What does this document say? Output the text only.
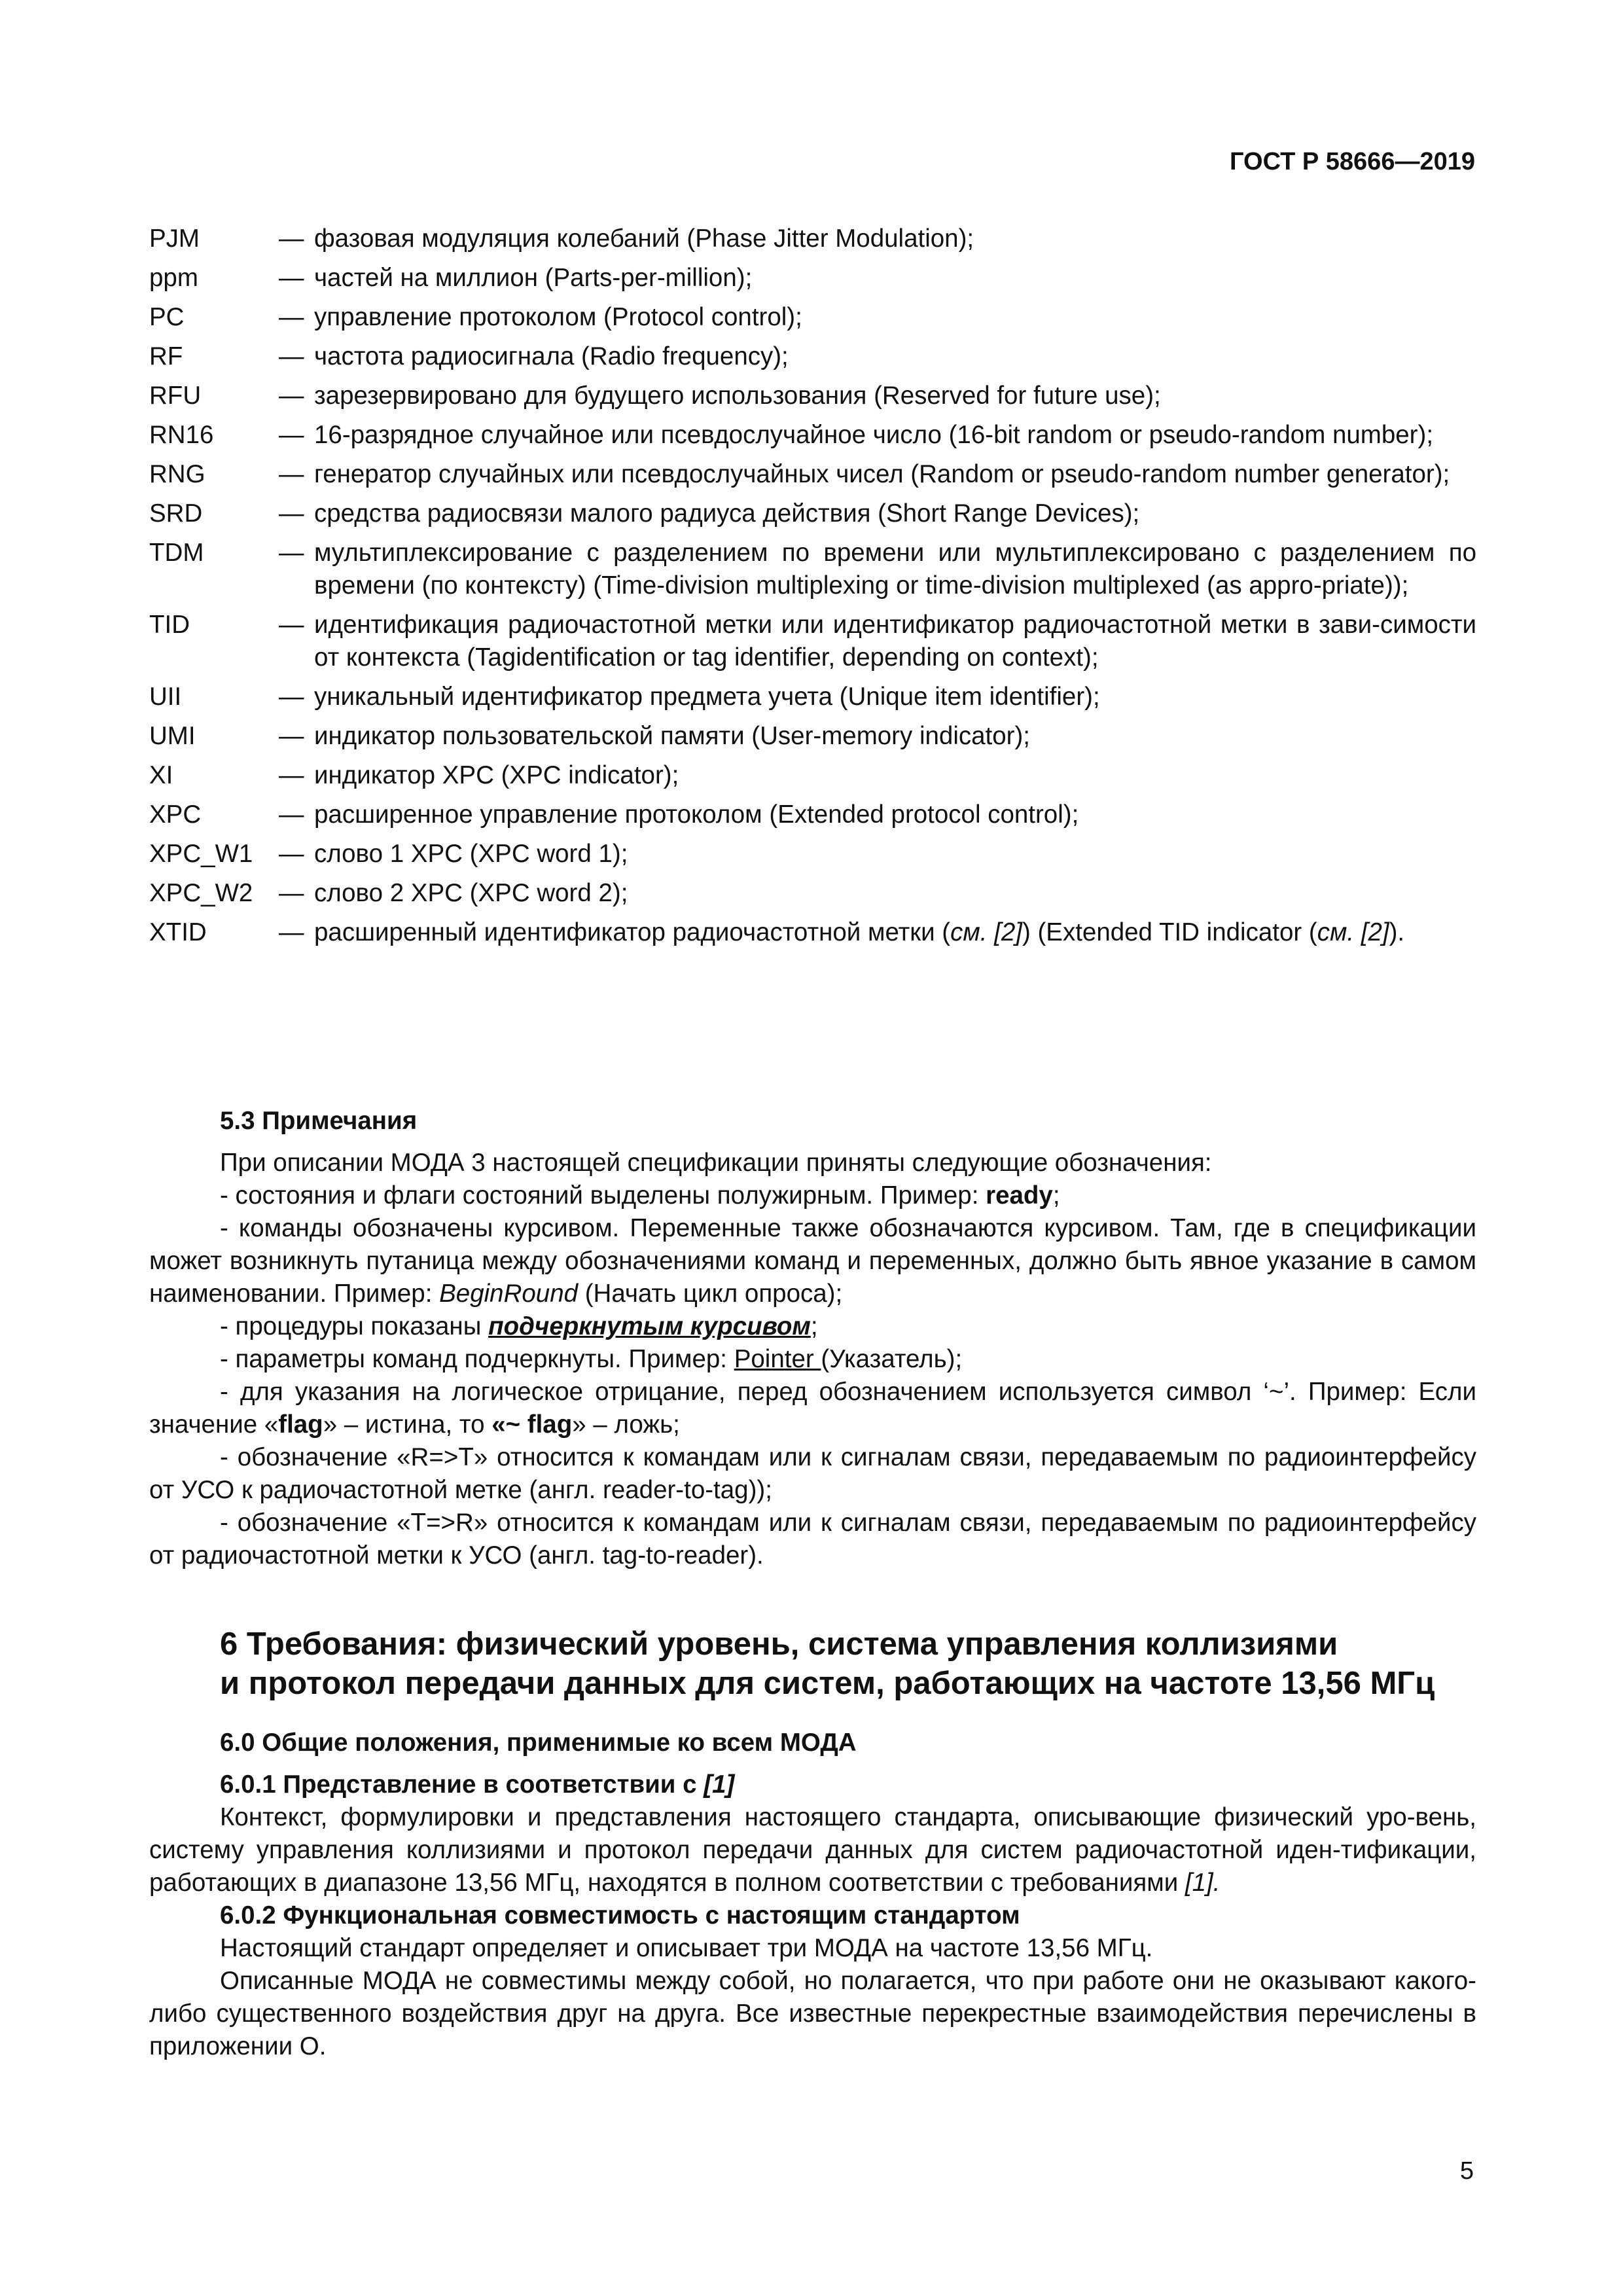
ГОСТ Р 58666—2019
PJM	— фазовая модуляция колебаний (Phase Jitter Modulation);
ppm	— частей на миллион (Parts-per-million);
PC	— управление протоколом (Protocol control);
RF	— частота радиосигнала (Radio frequency);
RFU	— зарезервировано для будущего использования (Reserved for future use);
RN16	— 16-разрядное случайное или псевдослучайное число (16-bit random or pseudo-random number);
RNG	— генератор случайных или псевдослучайных чисел (Random or pseudo-random number generator);
SRD	— средства радиосвязи малого радиуса действия (Short Range Devices);
TDM	— мультиплексирование с разделением по времени или мультиплексировано с разделением по времени (по контексту) (Time-division multiplexing or time-division multiplexed (as appro-priate));
TID	— идентификация радиочастотной метки или идентификатор радиочастотной метки в зави-симости от контекста (Tagidentification or tag identifier, depending on context);
UII	— уникальный идентификатор предмета учета (Unique item identifier);
UMI	— индикатор пользовательской памяти (User-memory indicator);
XI	— индикатор XPC (XPC indicator);
XPC	— расширенное управление протоколом (Extended protocol control);
XPC_W1	— слово 1 XPC (XPC word 1);
XPC_W2	— слово 2 XPC (XPC word 2);
XTID	— расширенный идентификатор радиочастотной метки (см. [2]) (Extended TID indicator (см. [2]).
5.3 Примечания

При описании МОДА 3 настоящей спецификации приняты следующие обозначения:

- состояния и флаги состояний выделены полужирным. Пример: ready;

- команды обозначены курсивом. Переменные также обозначаются курсивом. Там, где в спецификации может возникнуть путаница между обозначениями команд и переменных, должно быть явное указание в самом наименовании. Пример: BeginRound (Начать цикл опроса);

- процедуры показаны подчеркнутым курсивом;

- параметры команд подчеркнуты. Пример: Pointer (Указатель);

- для указания на логическое отрицание, перед обозначением используется символ ‘~’. Пример: Если значение «flag» – истина, то «~ flag» – ложь;

- обозначение «R=>T» относится к командам или к сигналам связи, передаваемым по радиоинтерфейсу от УСО к радиочастотной метке (англ. reader-to-tag));

- обозначение «T=>R» относится к командам или к сигналам связи, передаваемым по радиоинтерфейсу от радиочастотной метки к УСО (англ. tag-to-reader).

6 Требования: физический уровень, система управления коллизиями
и протокол передачи данных для систем, работающих на частоте 13,56 МГц
6.0 Общие положения, применимые ко всем МОДА
6.0.1 Представление в соответствии с [1]

Контекст, формулировки и представления настоящего стандарта, описывающие физический уро-вень, систему управления коллизиями и протокол передачи данных для систем радиочастотной иден-тификации, работающих в диапазоне 13,56 МГц, находятся в полном соответствии с требованиями [1].

6.0.2 Функциональная совместимость с настоящим стандартом

Настоящий стандарт определяет и описывает три МОДА на частоте 13,56 МГц.

Описанные МОДА не совместимы между собой, но полагается, что при работе они не оказывают какого-либо существенного воздействия друг на друга. Все известные перекрестные взаимодействия перечислены в приложении О.

5
